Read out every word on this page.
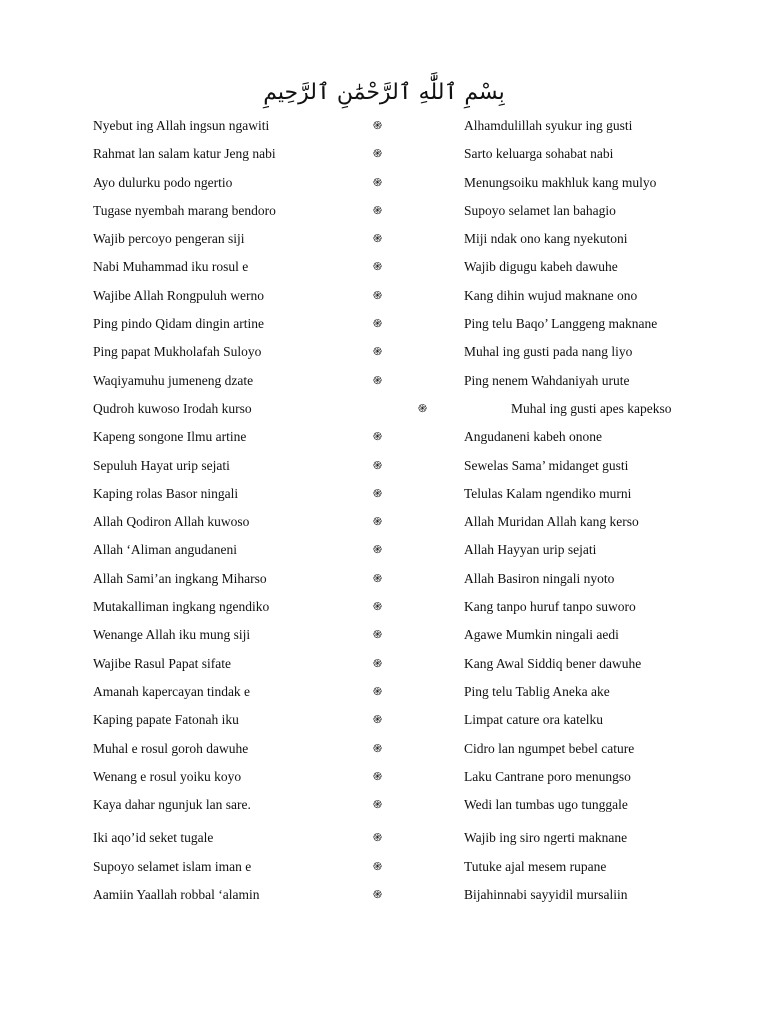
بِسْمِ ٱللَّٰهِ ٱلرَّحْمَٰنِ ٱلرَّحِيمِ
Nyebut ing Allah ingsun ngawiti	֍	Alhamdulillah syukur ing gusti
Rahmat lan salam katur Jeng nabi	֍	Sarto keluarga sohabat nabi
Ayo dulurku podo ngertio	֍	Menungsoiku makhluk kang mulyo
Tugase nyembah marang bendoro	֍	Supoyo selamet lan bahagio
Wajib percoyo pengeran siji	֍	Miji ndak ono kang nyekutoni
Nabi Muhammad iku rosul e	֍	Wajib digugu kabeh dawuhe
Wajibe Allah Rongpuluh werno	֍	Kang dihin wujud maknane ono
Ping pindo Qidam dingin artine	֍	Ping telu Baqo’ Langgeng maknane
Ping papat Mukholafah Suloyo	֍	Muhal ing gusti pada nang liyo
Waqiyamuhu jumeneng dzate	֍	Ping nenem Wahdaniyah urute
Qudroh kuwoso Irodah kurso	֍	Muhal ing gusti apes kapekso
Kapeng songone Ilmu artine	֍	Angudaneni kabeh onone
Sepuluh Hayat urip sejati	֍	Sewelas Sama’ midanget gusti
Kaping rolas Basor ningali	֍	Telulas Kalam ngendiko murni
Allah Qodiron Allah kuwoso	֍	Allah Muridan Allah kang kerso
Allah ‘Aliman angudaneni	֍	Allah Hayyan urip sejati
Allah Sami’an ingkang Miharso	֍	Allah Basiron ningali nyoto
Mutakalliman ingkang ngendiko	֍	Kang tanpo huruf tanpo suworo
Wenange Allah iku mung siji	֍	Agawe Mumkin ningali aedi
Wajibe Rasul Papat sifate	֍	Kang Awal Siddiq bener dawuhe
Amanah kapercayan tindak e	֍	Ping telu Tablig Aneka ake
Kaping papate Fatonah iku	֍	Limpat cature ora katelku
Muhal e rosul goroh dawuhe	֍	Cidro lan ngumpet bebel cature
Wenang e rosul yoiku koyo	֍	Laku Cantrane poro menungso
Kaya dahar ngunjuk lan sare.	֍	Wedi lan tumbas ugo tunggale
Iki aqo’id seket tugale	֍	Wajib ing siro ngerti maknane
Supoyo selamet islam iman e	֍	Tutuke ajal mesem rupane
Aamiin Yaallah robbal ‘alamin	֍	Bijahinnabi sayyidil mursaliin
